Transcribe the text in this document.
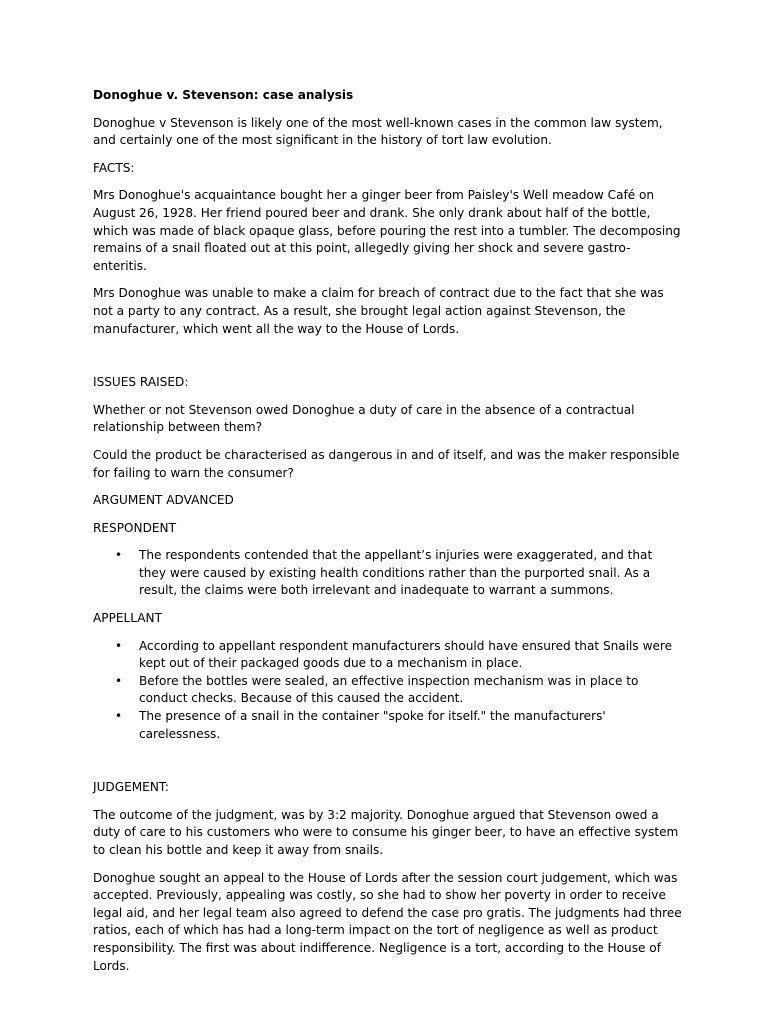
Donoghue v. Stevenson: case analysis

Donoghue v Stevenson is likely one of the most well-known cases in the common law system, and certainly one of the most significant in the history of tort law evolution.

FACTS:

Mrs Donoghue's acquaintance bought her a ginger beer from Paisley's Well meadow Café on August 26, 1928. Her friend poured beer and drank. She only drank about half of the bottle, which was made of black opaque glass, before pouring the rest into a tumbler. The decomposing remains of a snail floated out at this point, allegedly giving her shock and severe gastro-enteritis.

Mrs Donoghue was unable to make a claim for breach of contract due to the fact that she was not a party to any contract. As a result, she brought legal action against Stevenson, the manufacturer, which went all the way to the House of Lords.

ISSUES RAISED:

Whether or not Stevenson owed Donoghue a duty of care in the absence of a contractual relationship between them?

Could the product be characterised as dangerous in and of itself, and was the maker responsible for failing to warn the consumer?

ARGUMENT ADVANCED

RESPONDENT

• The respondents contended that the appellant’s injuries were exaggerated, and that they were caused by existing health conditions rather than the purported snail. As a result, the claims were both irrelevant and inadequate to warrant a summons.

APPELLANT

• According to appellant respondent manufacturers should have ensured that Snails were kept out of their packaged goods due to a mechanism in place.
• Before the bottles were sealed, an effective inspection mechanism was in place to conduct checks. Because of this caused the accident.
• The presence of a snail in the container "spoke for itself." the manufacturers' carelessness.

JUDGEMENT:

The outcome of the judgment, was by 3:2 majority. Donoghue argued that Stevenson owed a duty of care to his customers who were to consume his ginger beer, to have an effective system to clean his bottle and keep it away from snails.

Donoghue sought an appeal to the House of Lords after the session court judgement, which was accepted. Previously, appealing was costly, so she had to show her poverty in order to receive legal aid, and her legal team also agreed to defend the case pro gratis. The judgments had three ratios, each of which has had a long-term impact on the tort of negligence as well as product responsibility. The first was about indifference. Negligence is a tort, according to the House of Lords.
